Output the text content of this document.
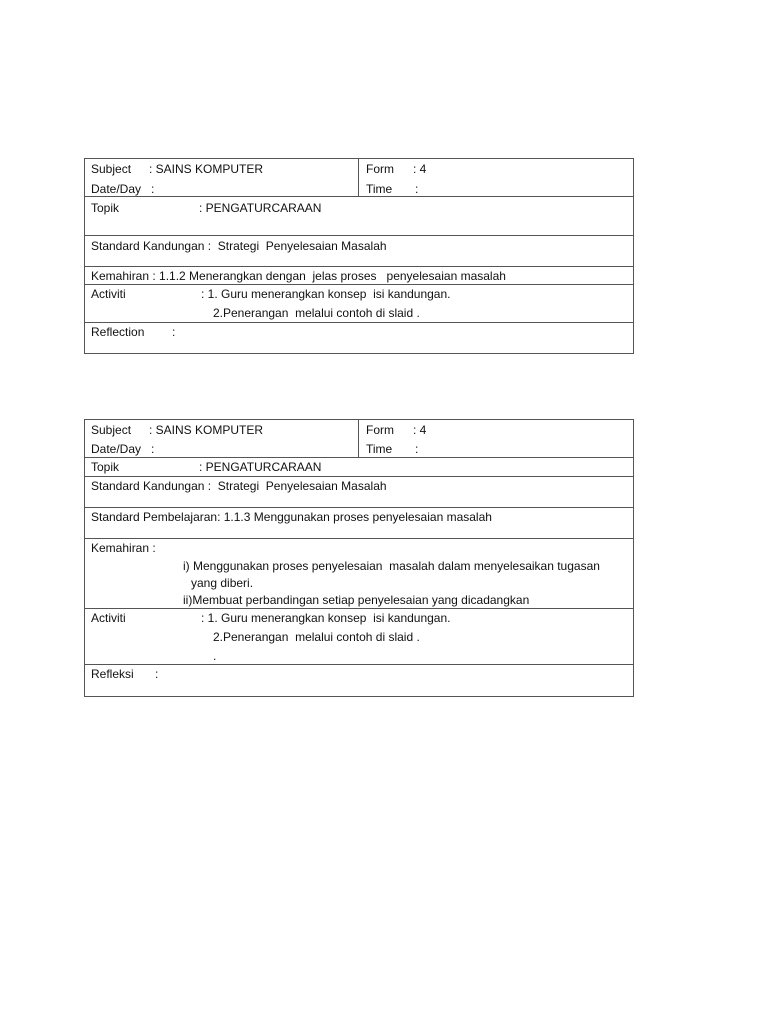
Subject : SAINS KOMPUTER
Date/Day :
Form : 4
Time :
Topik	: PENGATURCARAAN
Standard Kandungan :  Strategi  Penyelesaian Masalah
Kemahiran : 1.1.2 Menerangkan dengan  jelas proses   penyelesaian masalah
Activiti	: 1. Guru menerangkan konsep  isi kandungan.
2.Penerangan  melalui contoh di slaid .
Reflection :
Subject : SAINS KOMPUTER
Date/Day :
Form : 4
Time :
Topik	: PENGATURCARAAN
Standard Kandungan :  Strategi  Penyelesaian Masalah
Standard Pembelajaran: 1.1.3 Menggunakan proses penyelesaian masalah
Kemahiran :
i) Menggunakan proses penyelesaian  masalah dalam menyelesaikan tugasan
yang diberi.
ii)Membuat perbandingan setiap penyelesaian yang dicadangkan
Activiti	: 1. Guru menerangkan konsep  isi kandungan.
2.Penerangan  melalui contoh di slaid .
.
Refleksi :
